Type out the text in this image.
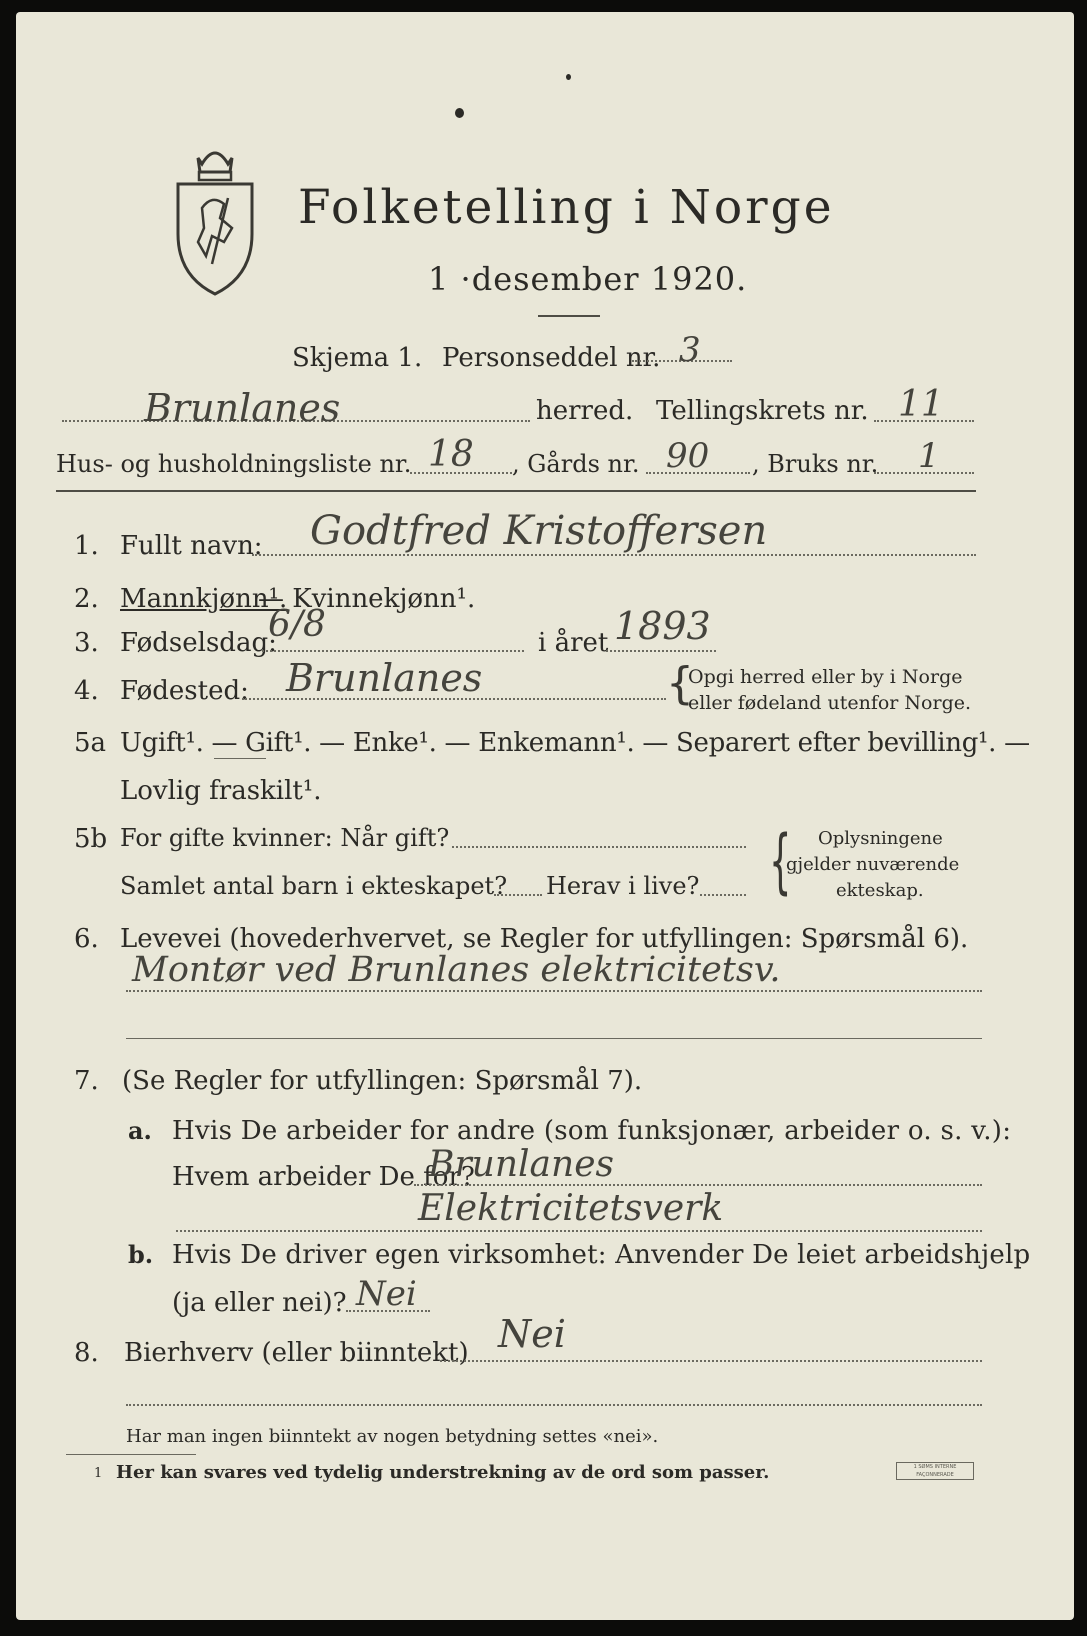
Folketelling i Norge
1 ·desember 1920.
Skjema 1. Personseddel nr. 3
Brunlanes	herred. Tellingskrets nr. 11
Hus- og husholdningsliste nr. 18 , Gårds nr. 90 , Bruks nr. 1
1. Fullt navn: Godtfred Kristoffersen
2. Mannkjønn¹.
— Kvinnekjønn¹.
3. Fødselsdag:
6/8	i året 1893
4. Fødested: Brunlanes	{
Opgi herred eller by i Norge
eller fødeland utenfor Norge.
5a Ugift¹. — Gift¹. — Enke¹. — Enkemann¹. — Separert efter bevilling¹. —
Lovlig fraskilt¹.
5b For gifte kvinner: Når gift?
Samlet antal barn i ekteskapet? Herav i live? { Oplysningene
gjelder nuværende
ekteskap.
6. Levevei (hovederhvervet, se Regler for utfyllingen: Spørsmål 6).
Montør ved Brunlanes elektricitetsv.
7. (Se Regler for utfyllingen: Spørsmål 7).
a. Hvis De arbeider for andre (som funksjonær, arbeider o. s. v.):
Hvem arbeider De for?
Brunlanes
Elektricitetsverk
b. Hvis De driver egen virksomhet: Anvender De leiet arbeidshjelp
(ja eller nei)? Nei
8. Bierhverv (eller biinntekt) Nei
Har man ingen biinntekt av nogen betydning settes «nei».
1 Her kan svares ved tydelig understrekning av de ord som passer.	1 SØMS INTERNE FAÇONNERADE
